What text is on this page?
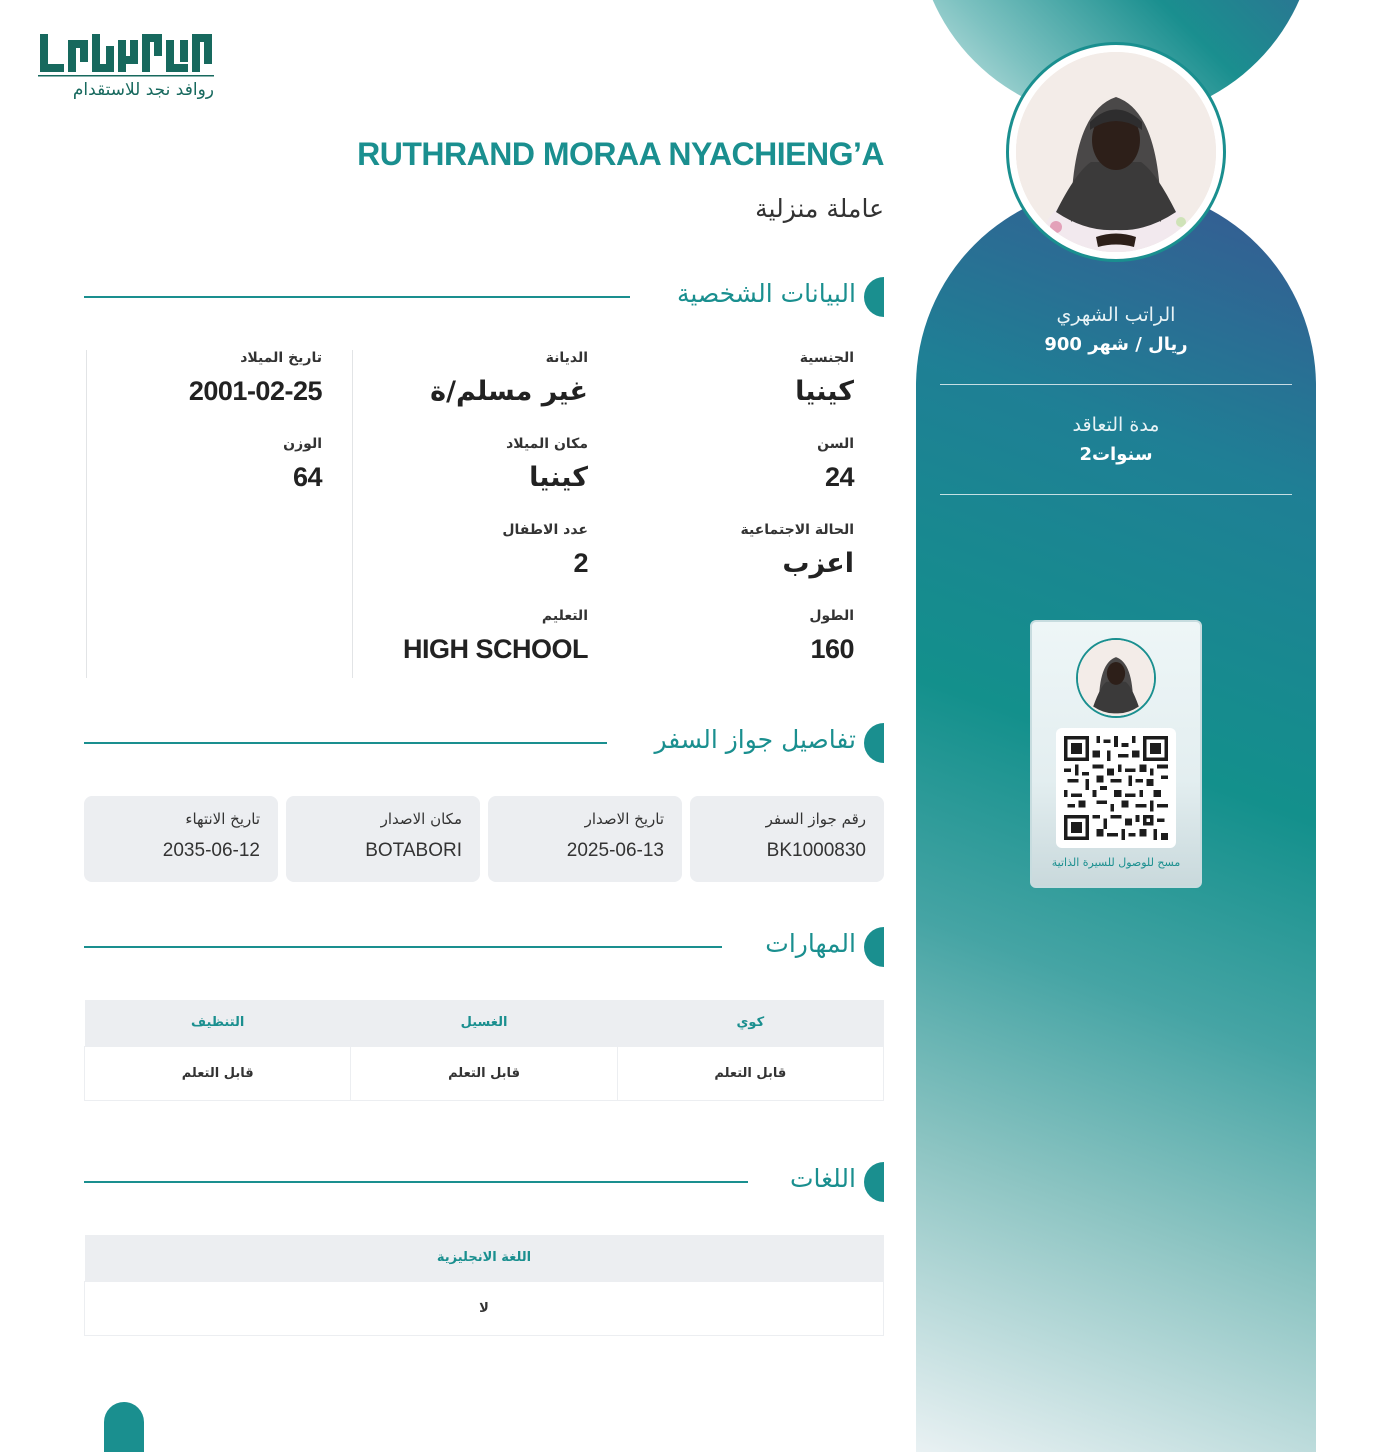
الراتب الشهري
900 ريال / شهر
مدة التعاقد
2سنوات
مسح للوصول للسيرة الذاتية
روافد نجد للاستقدام
RUTHRAND MORAA NYACHIENG’A
عاملة منزلية
البيانات الشخصية
الجنسية
كينيا
السن
24
الحالة الاجتماعية
اعزب
الطول
160
الديانة
غير مسلم/ة
مكان الميلاد
كينيا
عدد الاطفال
2
التعليم
HIGH SCHOOL
تاريخ الميلاد
2001-02-25
الوزن
64
تفاصيل جواز السفر
رقم جواز السفر
BK1000830
تاريخ الاصدار
2025-06-13
مكان الاصدار
BOTABORI
تاريخ الانتهاء
2035-06-12
المهارات
كوي	الغسيل	التنظيف
قابل التعلم	قابل التعلم	قابل التعلم
اللغات
اللغة الانجليزية
لا
